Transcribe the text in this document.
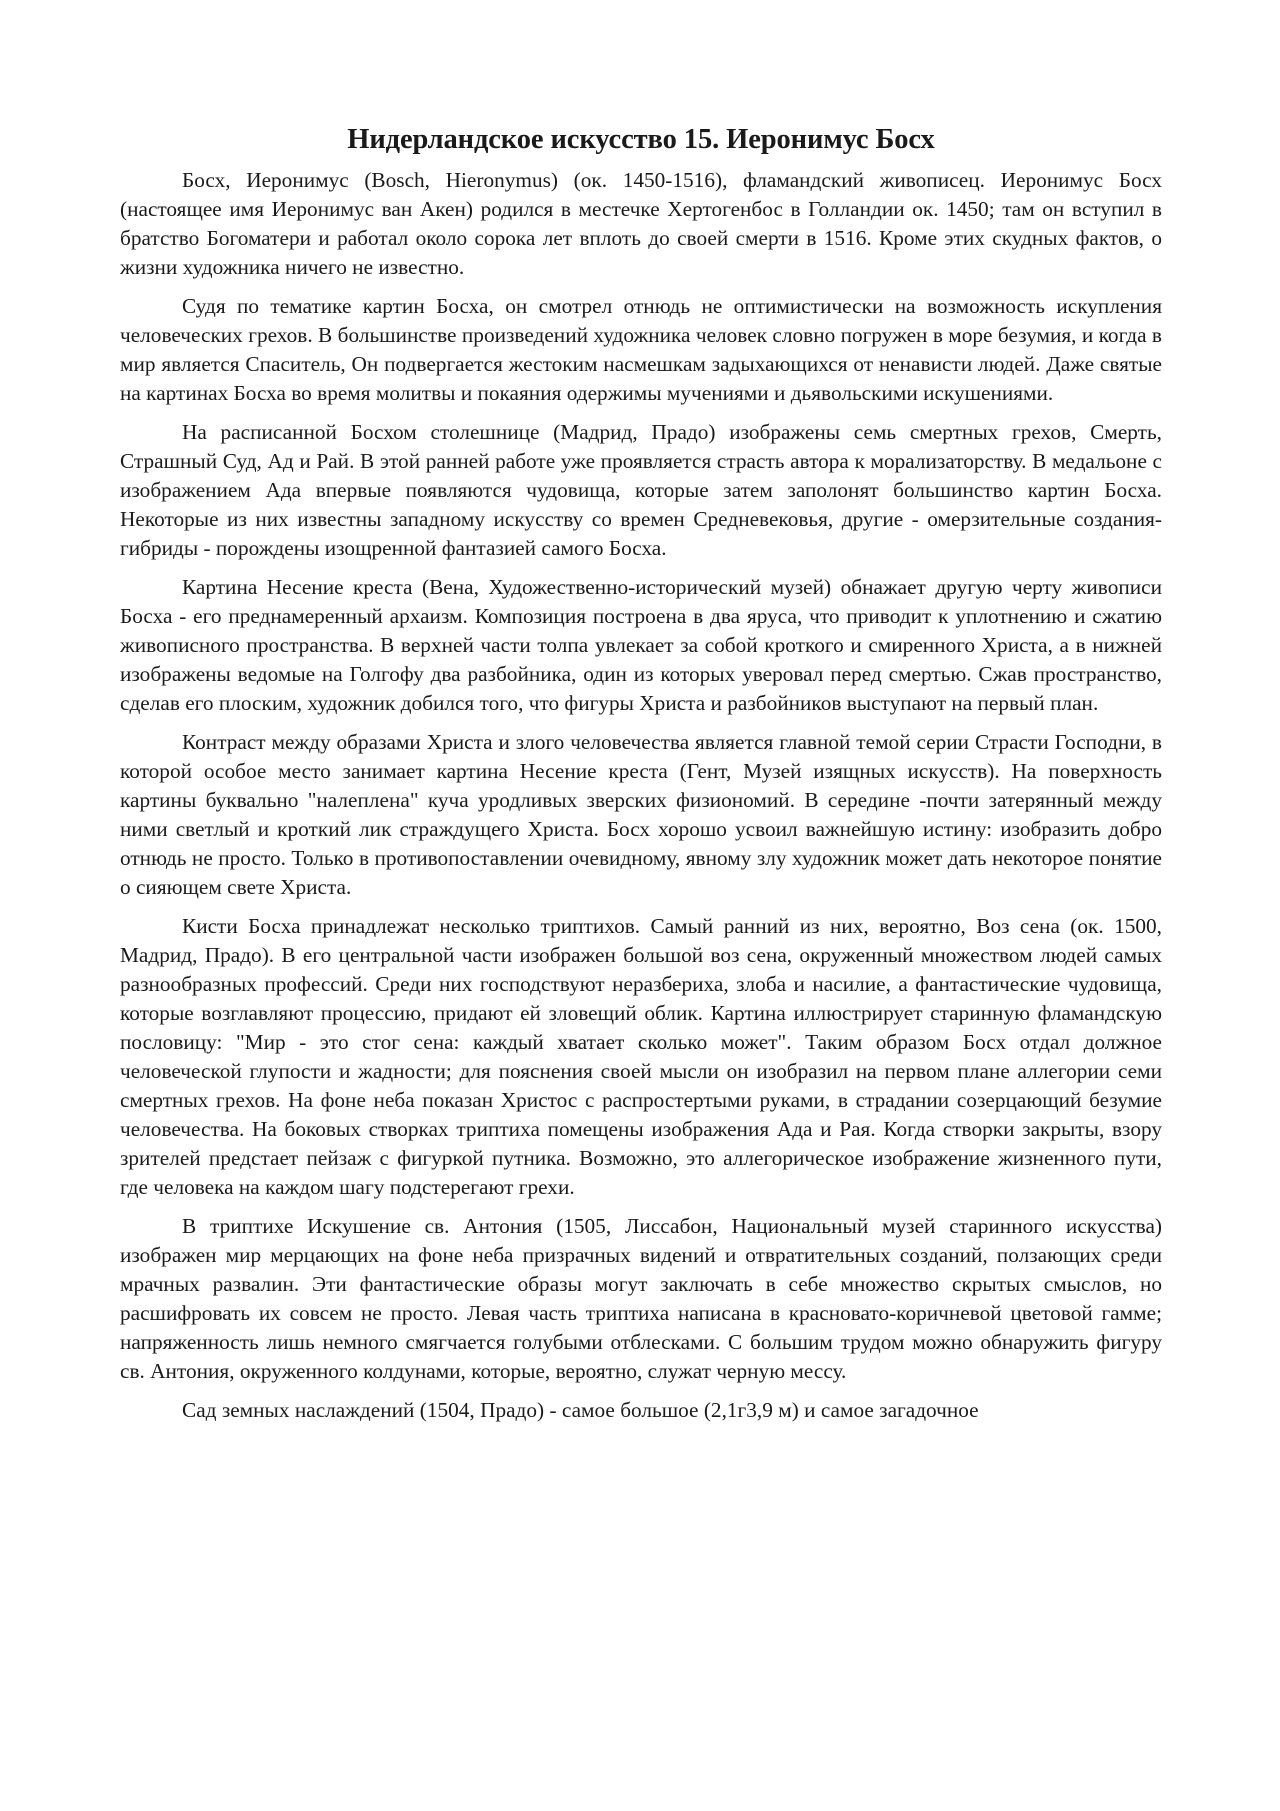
Нидерландское искусство 15. Иеронимус Босх

Босх, Иеронимус (Bosch, Hieronymus) (ок. 1450-1516), фламандский живописец. Иеронимус Босх (настоящее имя Иеронимус ван Акен) родился в местечке Хертогенбос в Голландии ок. 1450; там он вступил в братство Богоматери и работал около сорока лет вплоть до своей смерти в 1516. Кроме этих скудных фактов, о жизни художника ничего не известно.

Судя по тематике картин Босха, он смотрел отнюдь не оптимистически на возможность искупления человеческих грехов. В большинстве произведений художника человек словно погружен в море безумия, и когда в мир является Спаситель, Он подвергается жестоким насмешкам задыхающихся от ненависти людей. Даже святые на картинах Босха во время молитвы и покаяния одержимы мучениями и дьявольскими искушениями.

На расписанной Босхом столешнице (Мадрид, Прадо) изображены семь смертных грехов, Смерть, Страшный Суд, Ад и Рай. В этой ранней работе уже проявляется страсть автора к морализаторству. В медальоне с изображением Ада впервые появляются чудовища, которые затем заполонят большинство картин Босха. Некоторые из них известны западному искусству со времен Средневековья, другие - омерзительные создания-гибриды - порождены изощренной фантазией самого Босха.

Картина Несение креста (Вена, Художественно-исторический музей) обнажает другую черту живописи Босха - его преднамеренный архаизм. Композиция построена в два яруса, что приводит к уплотнению и сжатию живописного пространства. В верхней части толпа увлекает за собой кроткого и смиренного Христа, а в нижней изображены ведомые на Голгофу два разбойника, один из которых уверовал перед смертью. Сжав пространство, сделав его плоским, художник добился того, что фигуры Христа и разбойников выступают на первый план.

Контраст между образами Христа и злого человечества является главной темой серии Страсти Господни, в которой особое место занимает картина Несение креста (Гент, Музей изящных искусств). На поверхность картины буквально "налеплена" куча уродливых зверских физиономий. В середине -почти затерянный между ними светлый и кроткий лик страждущего Христа. Босх хорошо усвоил важнейшую истину: изобразить добро отнюдь не просто. Только в противопоставлении очевидному, явному злу художник может дать некоторое понятие о сияющем свете Христа.

Кисти Босха принадлежат несколько триптихов. Самый ранний из них, вероятно, Воз сена (ок. 1500, Мадрид, Прадо). В его центральной части изображен большой воз сена, окруженный множеством людей самых разнообразных профессий. Среди них господствуют неразбериха, злоба и насилие, а фантастические чудовища, которые возглавляют процессию, придают ей зловещий облик. Картина иллюстрирует старинную фламандскую пословицу: "Мир - это стог сена: каждый хватает сколько может". Таким образом Босх отдал должное человеческой глупости и жадности; для пояснения своей мысли он изобразил на первом плане аллегории семи смертных грехов. На фоне неба показан Христос с распростертыми руками, в страдании созерцающий безумие человечества. На боковых створках триптиха помещены изображения Ада и Рая. Когда створки закрыты, взору зрителей предстает пейзаж с фигуркой путника. Возможно, это аллегорическое изображение жизненного пути, где человека на каждом шагу подстерегают грехи.

В триптихе Искушение св. Антония (1505, Лиссабон, Национальный музей старинного искусства) изображен мир мерцающих на фоне неба призрачных видений и отвратительных созданий, ползающих среди мрачных развалин. Эти фантастические образы могут заключать в себе множество скрытых смыслов, но расшифровать их совсем не просто. Левая часть триптиха написана в красновато-коричневой цветовой гамме; напряженность лишь немного смягчается голубыми отблесками. С большим трудом можно обнаружить фигуру св. Антония, окруженного колдунами, которые, вероятно, служат черную мессу.

Сад земных наслаждений (1504, Прадо) - самое большое (2,1г3,9 м) и самое загадочное
